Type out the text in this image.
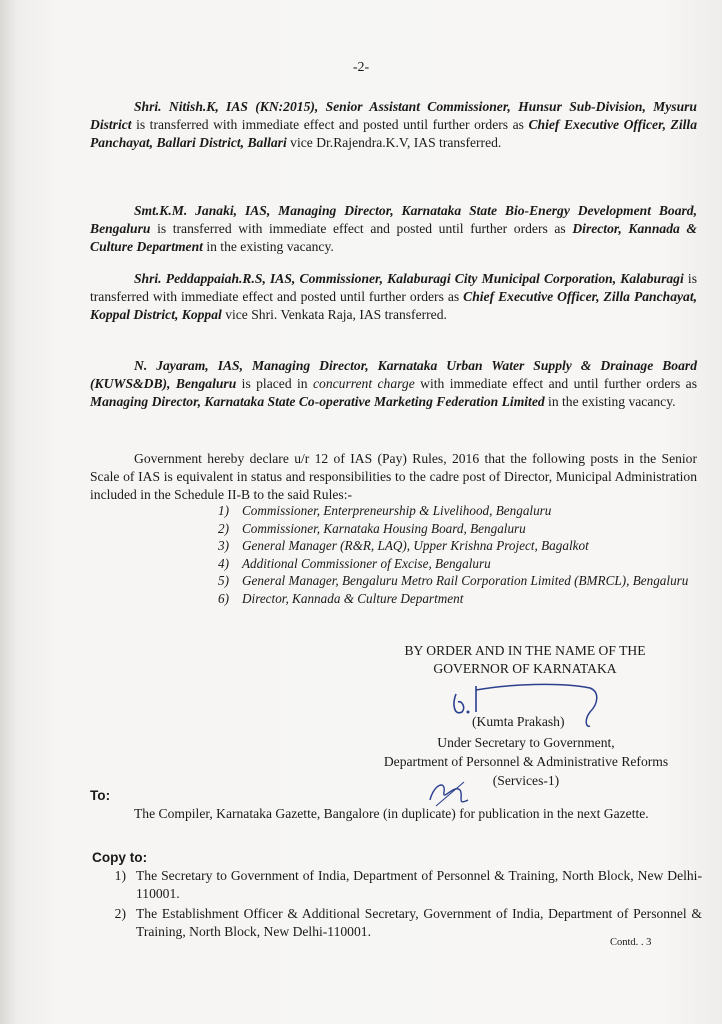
-2-
Shri. Nitish.K, IAS (KN:2015), Senior Assistant Commissioner, Hunsur Sub-Division, Mysuru District is transferred with immediate effect and posted until further orders as Chief Executive Officer, Zilla Panchayat, Ballari District, Ballari vice Dr.Rajendra.K.V, IAS transferred.
Smt.K.M. Janaki, IAS, Managing Director, Karnataka State Bio-Energy Development Board, Bengaluru is transferred with immediate effect and posted until further orders as Director, Kannada & Culture Department in the existing vacancy.
Shri. Peddappaiah.R.S, IAS, Commissioner, Kalaburagi City Municipal Corporation, Kalaburagi is transferred with immediate effect and posted until further orders as Chief Executive Officer, Zilla Panchayat, Koppal District, Koppal vice Shri. Venkata Raja, IAS transferred.
N. Jayaram, IAS, Managing Director, Karnataka Urban Water Supply & Drainage Board (KUWS&DB), Bengaluru is placed in concurrent charge with immediate effect and until further orders as Managing Director, Karnataka State Co-operative Marketing Federation Limited in the existing vacancy.
Government hereby declare u/r 12 of IAS (Pay) Rules, 2016 that the following posts in the Senior Scale of IAS is equivalent in status and responsibilities to the cadre post of Director, Municipal Administration included in the Schedule II-B to the said Rules:-
1) Commissioner, Enterpreneurship & Livelihood, Bengaluru
2) Commissioner, Karnataka Housing Board, Bengaluru
3) General Manager (R&R, LAQ), Upper Krishna Project, Bagalkot
4) Additional Commissioner of Excise, Bengaluru
5) General Manager, Bengaluru Metro Rail Corporation Limited (BMRCL), Bengaluru
6) Director, Kannada & Culture Department
BY ORDER AND IN THE NAME OF THE
GOVERNOR OF KARNATAKA
(Kumta Prakash)
Under Secretary to Government,
Department of Personnel & Administrative Reforms
(Services-1)
To:
The Compiler, Karnataka Gazette, Bangalore (in duplicate) for publication in the next Gazette.
Copy to:
1) The Secretary to Government of India, Department of Personnel & Training, North Block, New Delhi-110001.
2) The Establishment Officer & Additional Secretary, Government of India, Department of Personnel & Training, North Block, New Delhi-110001.
Contd. . 3
